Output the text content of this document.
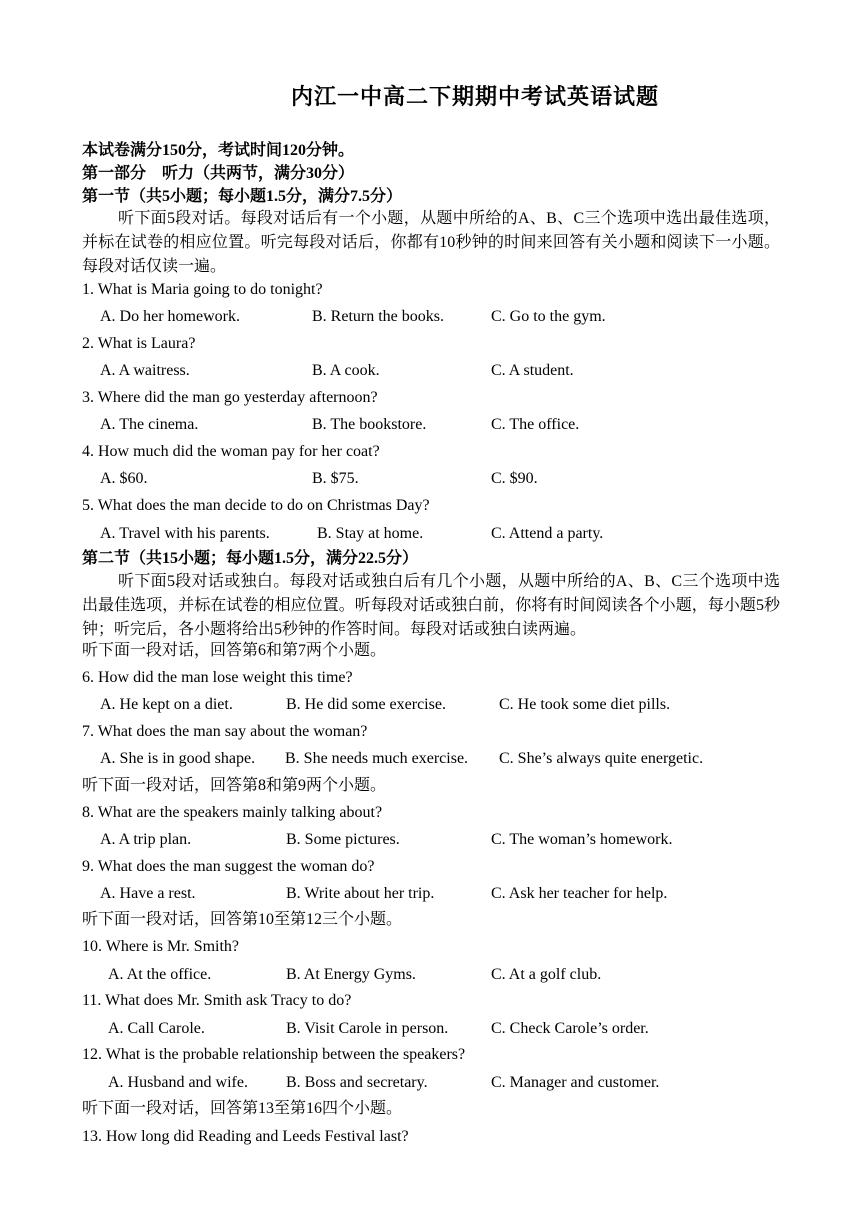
内江一中高二下期期中考试英语试题
本试卷满分150分，考试时间120分钟。
第一部分　听力（共两节，满分30分）
第一节（共5小题；每小题1.5分，满分7.5分）
听下面5段对话。每段对话后有一个小题，从题中所给的A、B、C三个选项中选出最佳选项，并标在试卷的相应位置。听完每段对话后，你都有10秒钟的时间来回答有关小题和阅读下一小题。每段对话仅读一遍。
1. What is Maria going to do tonight?
A. Do her homework.	B. Return the books.	C. Go to the gym.
2. What is Laura?
A. A waitress.	B. A cook.	C. A student.
3. Where did the man go yesterday afternoon?
A. The cinema.	B. The bookstore.	C. The office.
4. How much did the woman pay for her coat?
A. $60.	B. $75.	C. $90.
5. What does the man decide to do on Christmas Day?
A. Travel with his parents.	B. Stay at home.	C. Attend a party.
第二节（共15小题；每小题1.5分，满分22.5分）
听下面5段对话或独白。每段对话或独白后有几个小题，从题中所给的A、B、C三个选项中选出最佳选项，并标在试卷的相应位置。听每段对话或独白前，你将有时间阅读各个小题，每小题5秒钟；听完后，各小题将给出5秒钟的作答时间。每段对话或独白读两遍。
听下面一段对话，回答第6和第7两个小题。
6. How did the man lose weight this time?
A. He kept on a diet.	B. He did some exercise.	C. He took some diet pills.
7. What does the man say about the woman?
A. She is in good shape. B. She needs much exercise. C. She’s always quite energetic.
听下面一段对话，回答第8和第9两个小题。
8. What are the speakers mainly talking about?
A. A trip plan.	B. Some pictures.	C. The woman’s homework.
9. What does the man suggest the woman do?
A. Have a rest.	B. Write about her trip.	C. Ask her teacher for help.
听下面一段对话，回答第10至第12三个小题。
10. Where is Mr. Smith?
A. At the office.	B. At Energy Gyms.	C. At a golf club.
11. What does Mr. Smith ask Tracy to do?
A. Call Carole.	B. Visit Carole in person.	C. Check Carole’s order.
12. What is the probable relationship between the speakers?
A. Husband and wife. B. Boss and secretary.	C. Manager and customer.
听下面一段对话，回答第13至第16四个小题。
13. How long did Reading and Leeds Festival last?
